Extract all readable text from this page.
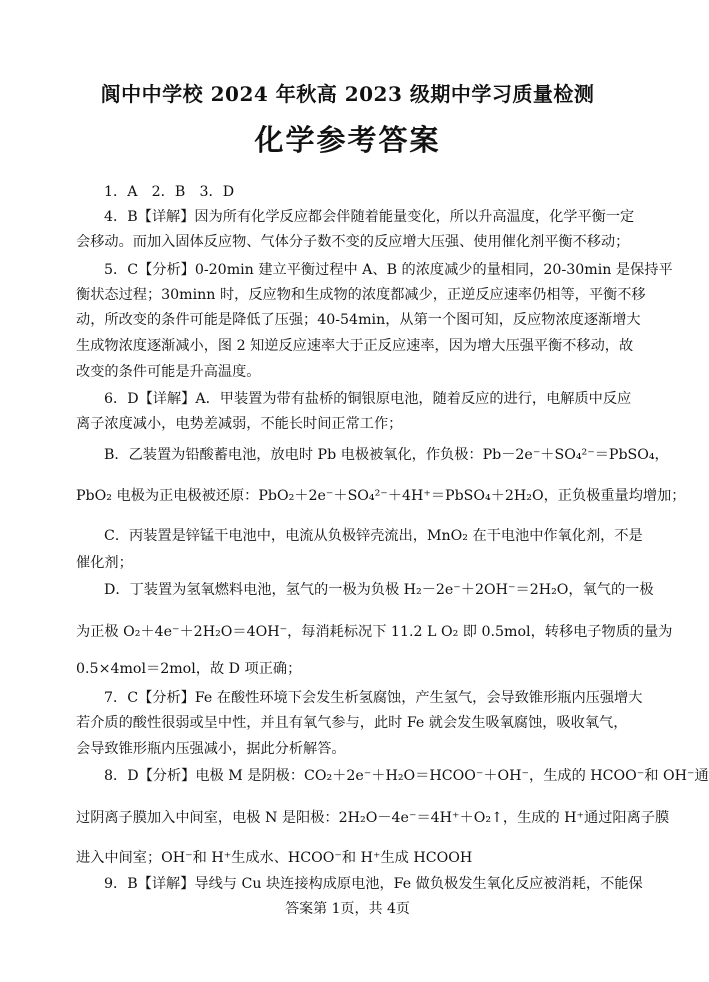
阆中中学校 2024 年秋高 2023 级期中学习质量检测
化学参考答案
1．A　2．B　3．D
4．B【详解】因为所有化学反应都会伴随着能量变化，所以升高温度，化学平衡一定
会移动。而加入固体反应物、气体分子数不变的反应增大压强、使用催化剂平衡不移动；
5．C【分析】0-20min 建立平衡过程中 A、B 的浓度减少的量相同，20-30min 是保持平
衡状态过程；30minn 时，反应物和生成物的浓度都减少，正逆反应速率仍相等，平衡不移
动，所改变的条件可能是降低了压强；40-54min，从第一个图可知，反应物浓度逐渐增大
生成物浓度逐渐减小，图 2 知逆反应速率大于正反应速率，因为增大压强平衡不移动，故
改变的条件可能是升高温度。
6．D【详解】A．甲装置为带有盐桥的铜银原电池，随着反应的进行，电解质中反应
离子浓度减小，电势差减弱，不能长时间正常工作；
B．乙装置为铅酸蓄电池，放电时 Pb 电极被氧化，作负极：Pb－2e⁻＋SO₄²⁻＝PbSO₄，
PbO₂ 电极为正电极被还原：PbO₂＋2e⁻＋SO₄²⁻＋4H⁺＝PbSO₄＋2H₂O，正负极重量均增加；
C．丙装置是锌锰干电池中，电流从负极锌壳流出，MnO₂ 在干电池中作氧化剂，不是
催化剂；
D．丁装置为氢氧燃料电池，氢气的一极为负极 H₂－2e⁻＋2OH⁻＝2H₂O，氧气的一极
为正极 O₂＋4e⁻＋2H₂O＝4OH⁻，每消耗标况下 11.2 L O₂ 即 0.5mol，转移电子物质的量为
0.5×4mol＝2mol，故 D 项正确；
7．C【分析】Fe 在酸性环境下会发生析氢腐蚀，产生氢气，会导致锥形瓶内压强增大
若介质的酸性很弱或呈中性，并且有氧气参与，此时 Fe 就会发生吸氧腐蚀，吸收氧气，
会导致锥形瓶内压强减小，据此分析解答。
8．D【分析】电极 M 是阴极：CO₂＋2e⁻＋H₂O＝HCOO⁻＋OH⁻，生成的 HCOO⁻和 OH⁻通
过阴离子膜加入中间室，电极 N 是阳极：2H₂O－4e⁻＝4H⁺＋O₂↑，生成的 H⁺通过阳离子膜
进入中间室；OH⁻和 H⁺生成水、HCOO⁻和 H⁺生成 HCOOH
9．B【详解】导线与 Cu 块连接构成原电池，Fe 做负极发生氧化反应被消耗，不能保
答案第 1页，共 4页
